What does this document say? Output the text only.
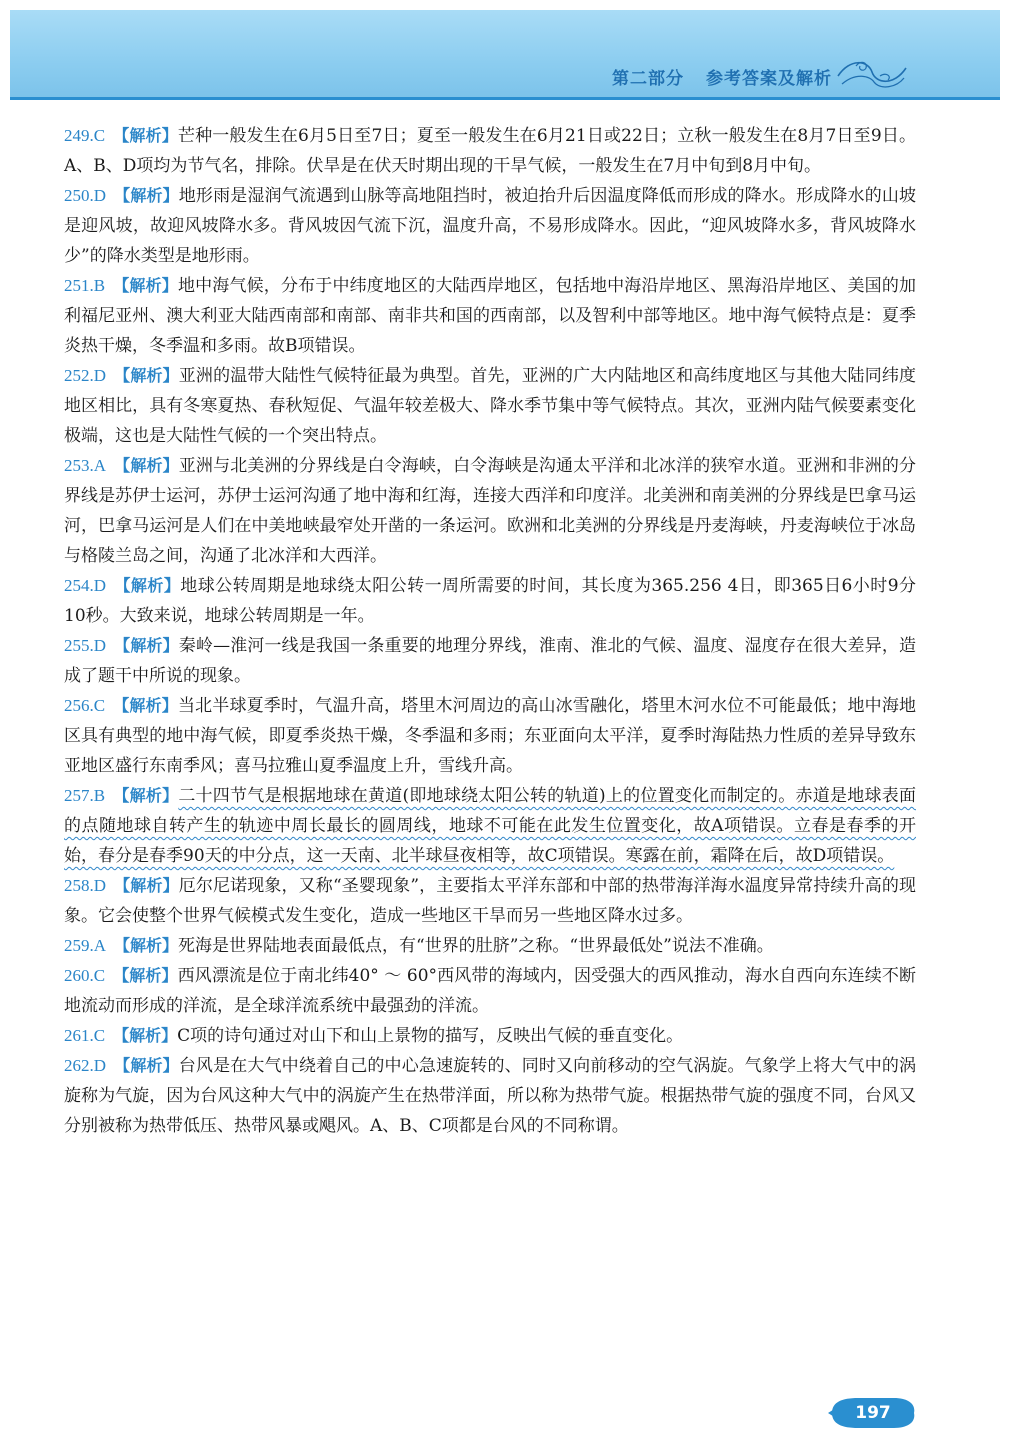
第二部分 参考答案及解析

249.C 【解析】芒种一般发生在6月5日至7日；夏至一般发生在6月21日或22日；立秋一般发生在8月7日至9日。A、B、D项均为节气名，排除。伏旱是在伏天时期出现的干旱气候，一般发生在7月中旬到8月中旬。

250.D 【解析】地形雨是湿润气流遇到山脉等高地阻挡时，被迫抬升后因温度降低而形成的降水。形成降水的山坡是迎风坡，故迎风坡降水多。背风坡因气流下沉，温度升高，不易形成降水。因此，“迎风坡降水多，背风坡降水少”的降水类型是地形雨。

251.B 【解析】地中海气候，分布于中纬度地区的大陆西岸地区，包括地中海沿岸地区、黑海沿岸地区、美国的加利福尼亚州、澳大利亚大陆西南部和南部、南非共和国的西南部，以及智利中部等地区。地中海气候特点是：夏季炎热干燥，冬季温和多雨。故B项错误。

252.D 【解析】亚洲的温带大陆性气候特征最为典型。首先，亚洲的广大内陆地区和高纬度地区与其他大陆同纬度地区相比，具有冬寒夏热、春秋短促、气温年较差极大、降水季节集中等气候特点。其次，亚洲内陆气候要素变化极端，这也是大陆性气候的一个突出特点。

253.A 【解析】亚洲与北美洲的分界线是白令海峡，白令海峡是沟通太平洋和北冰洋的狭窄水道。亚洲和非洲的分界线是苏伊士运河，苏伊士运河沟通了地中海和红海，连接大西洋和印度洋。北美洲和南美洲的分界线是巴拿马运河，巴拿马运河是人们在中美地峡最窄处开凿的一条运河。欧洲和北美洲的分界线是丹麦海峡，丹麦海峡位于冰岛与格陵兰岛之间，沟通了北冰洋和大西洋。

254.D 【解析】地球公转周期是地球绕太阳公转一周所需要的时间，其长度为365.256 4日，即365日6小时9分10秒。大致来说，地球公转周期是一年。

255.D 【解析】秦岭—淮河一线是我国一条重要的地理分界线，淮南、淮北的气候、温度、湿度存在很大差异，造成了题干中所说的现象。

256.C 【解析】当北半球夏季时，气温升高，塔里木河周边的高山冰雪融化，塔里木河水位不可能最低；地中海地区具有典型的地中海气候，即夏季炎热干燥，冬季温和多雨；东亚面向太平洋，夏季时海陆热力性质的差异导致东亚地区盛行东南季风；喜马拉雅山夏季温度上升，雪线升高。

257.B 【解析】二十四节气是根据地球在黄道(即地球绕太阳公转的轨道)上的位置变化而制定的。赤道是地球表面的点随地球自转产生的轨迹中周长最长的圆周线，地球不可能在此发生位置变化，故A项错误。立春是春季的开始，春分是春季90天的中分点，这一天南、北半球昼夜相等，故C项错误。寒露在前，霜降在后，故D项错误。

258.D 【解析】厄尔尼诺现象，又称“圣婴现象”，主要指太平洋东部和中部的热带海洋海水温度异常持续升高的现象。它会使整个世界气候模式发生变化，造成一些地区干旱而另一些地区降水过多。

259.A 【解析】死海是世界陆地表面最低点，有“世界的肚脐”之称。“世界最低处”说法不准确。

260.C 【解析】西风漂流是位于南北纬40° ～ 60°西风带的海域内，因受强大的西风推动，海水自西向东连续不断地流动而形成的洋流，是全球洋流系统中最强劲的洋流。

261.C 【解析】C项的诗句通过对山下和山上景物的描写，反映出气候的垂直变化。

262.D 【解析】台风是在大气中绕着自己的中心急速旋转的、同时又向前移动的空气涡旋。气象学上将大气中的涡旋称为气旋，因为台风这种大气中的涡旋产生在热带洋面，所以称为热带气旋。根据热带气旋的强度不同，台风又分别被称为热带低压、热带风暴或飓风。A、B、C项都是台风的不同称谓。

197
